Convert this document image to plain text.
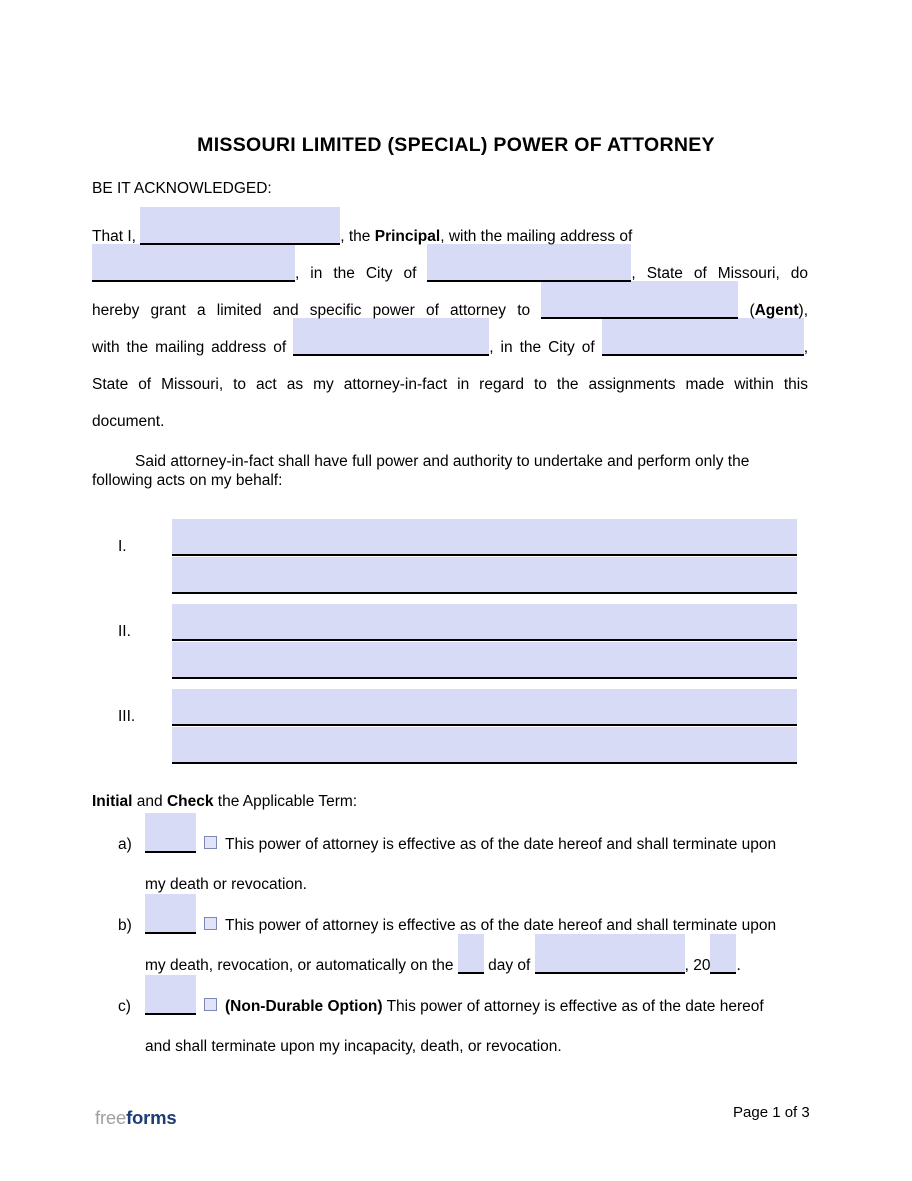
MISSOURI LIMITED (SPECIAL) POWER OF ATTORNEY
BE IT ACKNOWLEDGED:
That I,	, the Principal, with the mailing address of
, in the City of	, State of Missouri, do
hereby grant a limited and specific power of attorney to	(Agent),
with the mailing address of	, in the City of	,
State of Missouri, to act as my attorney-in-fact in regard to the assignments made within this
document.
Said attorney-in-fact shall have full power and authority to undertake and perform only the following acts on my behalf:
I.
II.
III.
Initial and Check the Applicable Term:
a)	This power of attorney is effective as of the date hereof and shall terminate upon
my death or revocation.
b)	This power of attorney is effective as of the date hereof and shall terminate upon
my death, revocation, or automatically on the day of	, 20 .
c)	(Non-Durable Option) This power of attorney is effective as of the date hereof
and shall terminate upon my incapacity, death, or revocation.
freeforms	Page 1 of 3
